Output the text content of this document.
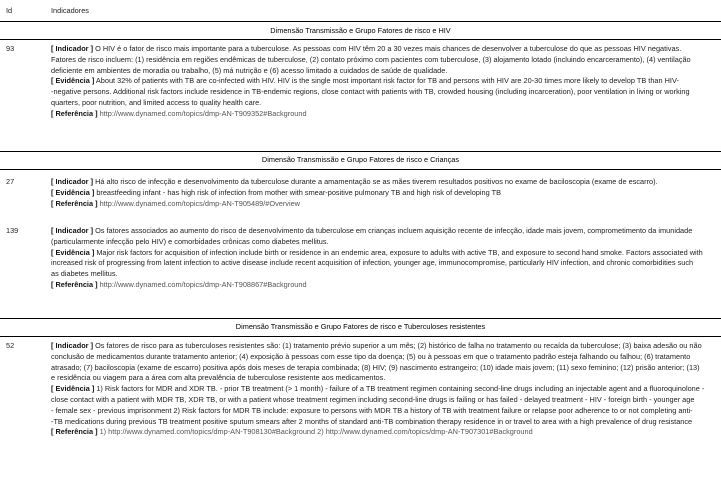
Id	Indicadores
Dimensão Transmissão e Grupo Fatores de risco e HIV
93	[ Indicador ] O HIV é o fator de risco mais importante para a tuberculose. As pessoas com HIV têm 20 a 30 vezes mais chances de desenvolver a tuberculose do que as pessoas HIV negativas.
Fatores de risco incluem: (1) residência em regiões endêmicas de tuberculose, (2) contato próximo com pacientes com tuberculose, (3) alojamento lotado (incluindo encarceramento), (4) ventilação
deficiente em ambientes de moradia ou trabalho, (5) má nutrição e (6) acesso limitado a cuidados de saúde de qualidade.
[ Evidência ] About 32% of patients with TB are co-infected with HIV. HIV is the single most important risk factor for TB and persons with HIV are 20-30 times more likely to develop TB than HIV-
-negative persons. Additional risk factors include residence in TB-endemic regions, close contact with patients with TB, crowded housing (including incarceration), poor ventilation in living or working
quarters, poor nutrition, and limited access to quality health care.
[ Referência ] http://www.dynamed.com/topics/dmp-AN-T909352#Background
Dimensão Transmissão e Grupo Fatores de risco e Crianças
27	[ Indicador ] Há alto risco de infecção e desenvolvimento da tuberculose durante a amamentação se as mães tiverem resultados positivos no exame de baciloscopia (exame de escarro).
[ Evidência ] breastfeeding infant - has high risk of infection from mother with smear-positive pulmonary TB and high risk of developing TB
[ Referência ] http://www.dynamed.com/topics/dmp-AN-T905489/#Overview
139	[ Indicador ] Os fatores associados ao aumento do risco de desenvolvimento da tuberculose em crianças incluem aquisição recente de infecção, idade mais jovem, comprometimento da imunidade
(particularmente infecção pelo HIV) e comorbidades crônicas como diabetes mellitus.
[ Evidência ] Major risk factors for acquisition of infection include birth or residence in an endemic area, exposure to adults with active TB, and exposure to second hand smoke. Factors associated with
increased risk of progressing from latent infection to active disease include recent acquisition of infection, younger age, immunocompromise, particularly HIV infection, and chronic comorbidities such
as diabetes mellitus.
[ Referência ] http://www.dynamed.com/topics/dmp-AN-T908867#Background
Dimensão Transmissão e Grupo Fatores de risco e Tuberculoses resistentes
52	[ Indicador ] Os fatores de risco para as tuberculoses resistentes são: (1) tratamento prévio superior a um mês; (2) histórico de falha no tratamento ou recaída da tuberculose; (3) baixa adesão ou não
conclusão de medicamentos durante tratamento anterior; (4) exposição à pessoas com esse tipo da doença; (5) ou à pessoas em que o tratamento padrão esteja falhando ou falhou; (6) tratamento
atrasado; (7) baciloscopia (exame de escarro) positiva após dois meses de terapia combinada; (8) HIV; (9) nascimento estrangeiro; (10) idade mais jovem; (11) sexo feminino; (12) prisão anterior; (13)
e residência ou viagem para a área com alta prevalência de tuberculose resistente aos medicamentos.
[ Evidência ] 1) Risk factors for MDR and XDR TB. - prior TB treatment (> 1 month) - failure of a TB treatment regimen containing second-line drugs including an injectable agent and a fluoroquinolone -
close contact with a patient with MDR TB, XDR TB, or with a patient whose treatment regimen including second-line drugs is failing or has failed - delayed treatment - HIV - foreign birth - younger age
- female sex - previous imprisonment 2) Risk factors for MDR TB include: exposure to persons with MDR TB a history of TB with treatment failure or relapse poor adherence to or not completing anti-
-TB medications during previous TB treatment positive sputum smears after 2 months of standard anti-TB combination therapy residence in or travel to area with a high prevalence of drug resistance
[ Referência ] 1) http://www.dynamed.com/topics/dmp-AN-T908130#Background 2) http://www.dynamed.com/topics/dmp-AN-T907301#Background
